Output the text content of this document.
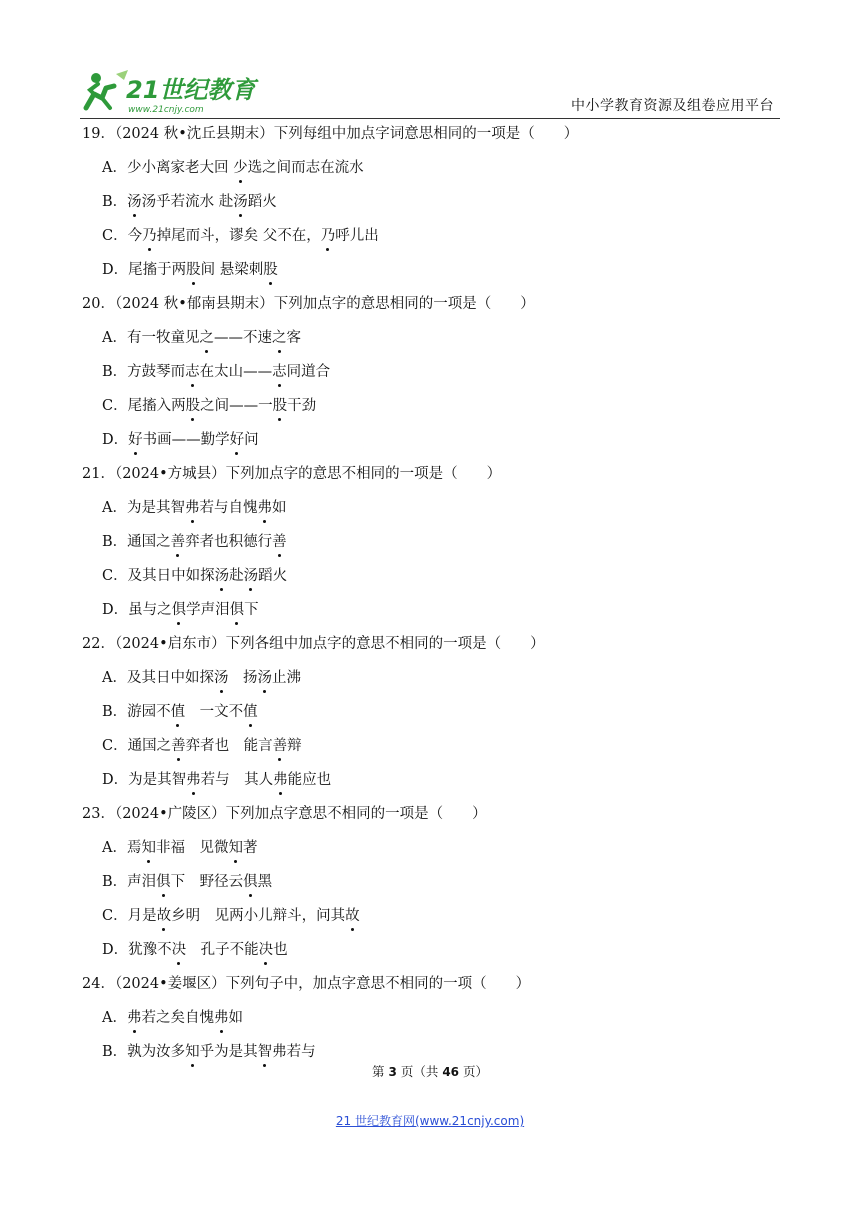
21世纪教育
www.21cnjy.com	中小学教育资源及组卷应用平台
19．（2024 秋•沈丘县期末）下列每组中加点字词意思相同的一项是（　　）
A．少小离家老大回 少选之间而志在流水
B．汤汤乎若流水 赴汤蹈火
C．今乃掉尾而斗，谬矣 父不在，乃呼儿出
D．尾搐于两股间 悬梁刺股
20．（2024 秋•郁南县期末）下列加点字的意思相同的一项是（　　）
A．有一牧童见之——不速之客
B．方鼓琴而志在太山——志同道合
C．尾搐入两股之间——一股干劲
D．好书画——勤学好问
21．（2024•方城县）下列加点字的意思不相同的一项是（　　）
A．为是其智弗若与自愧弗如
B．通国之善弈者也积德行善
C．及其日中如探汤赴汤蹈火
D．虽与之俱学声泪俱下
22．（2024•启东市）下列各组中加点字的意思不相同的一项是（　　）
A．及其日中如探汤　扬汤止沸
B．游园不值　一文不值
C．通国之善弈者也　能言善辩
D．为是其智弗若与　其人弗能应也
23．（2024•广陵区）下列加点字意思不相同的一项是（　　）
A．焉知非福　见微知著
B．声泪俱下　野径云俱黑
C．月是故乡明　见两小儿辩斗，问其故
D．犹豫不决　孔子不能决也
24．（2024•姜堰区）下列句子中，加点字意思不相同的一项（　　）
A．弗若之矣自愧弗如
B．孰为汝多知乎为是其智弗若与
第 3 页（共 46 页）
21 世纪教育网(www.21cnjy.com)
